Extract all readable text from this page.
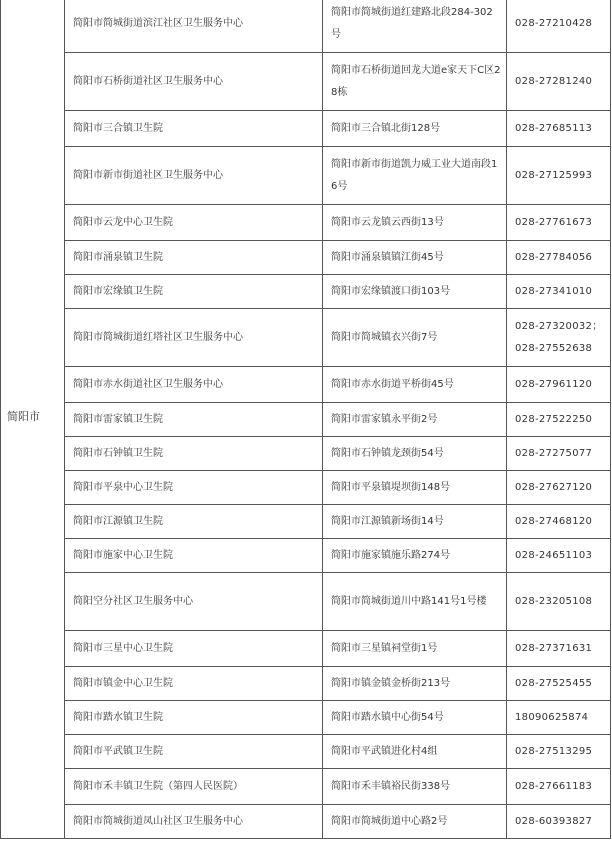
简阳市	简阳市简城街道滨江社区卫生服务中心	简阳市简城街道红建路北段284-302号	028-27210428
	简阳市石桥街道社区卫生服务中心	简阳市石桥街道回龙大道e家天下C区28栋	028-27281240
	简阳市三合镇卫生院	简阳市三合镇北街128号	028-27685113
	简阳市新市街道社区卫生服务中心	简阳市新市街道凯力威工业大道南段16号	028-27125993
	简阳市云龙中心卫生院	简阳市云龙镇云西街13号	028-27761673
	简阳市涌泉镇卫生院	简阳市涌泉镇镇江街45号	028-27784056
	简阳市宏缘镇卫生院	简阳市宏缘镇渡口街103号	028-27341010
	简阳市简城街道红塔社区卫生服务中心	简阳市简城镇衣兴街7号	028-27320032；028-27552638
	简阳市赤水街道社区卫生服务中心	简阳市赤水街道平桥街45号	028-27961120
	简阳市雷家镇卫生院	简阳市雷家镇永平街2号	028-27522250
	简阳市石钟镇卫生院	简阳市石钟镇龙颈街54号	028-27275077
	简阳市平泉中心卫生院	简阳市平泉镇堤坝街148号	028-27627120
	简阳市江源镇卫生院	简阳市江源镇新场街14号	028-27468120
	简阳市施家中心卫生院	简阳市施家镇施乐路274号	028-24651103
	简阳空分社区卫生服务中心	简阳市简城街道川中路141号1号楼	028-23205108
	简阳市三星中心卫生院	简阳市三星镇祠堂街1号	028-27371631
	简阳市镇金中心卫生院	简阳市镇金镇金桥街213号	028-27525455
	简阳市踏水镇卫生院	简阳市踏水镇中心街54号	18090625874
	简阳市平武镇卫生院	简阳市平武镇进化村4组	028-27513295
	简阳市禾丰镇卫生院（第四人民医院）	简阳市禾丰镇裕民街338号	028-27661183
	简阳市简城街道凤山社区卫生服务中心	简阳市简城街道中心路2号	028-60393827
